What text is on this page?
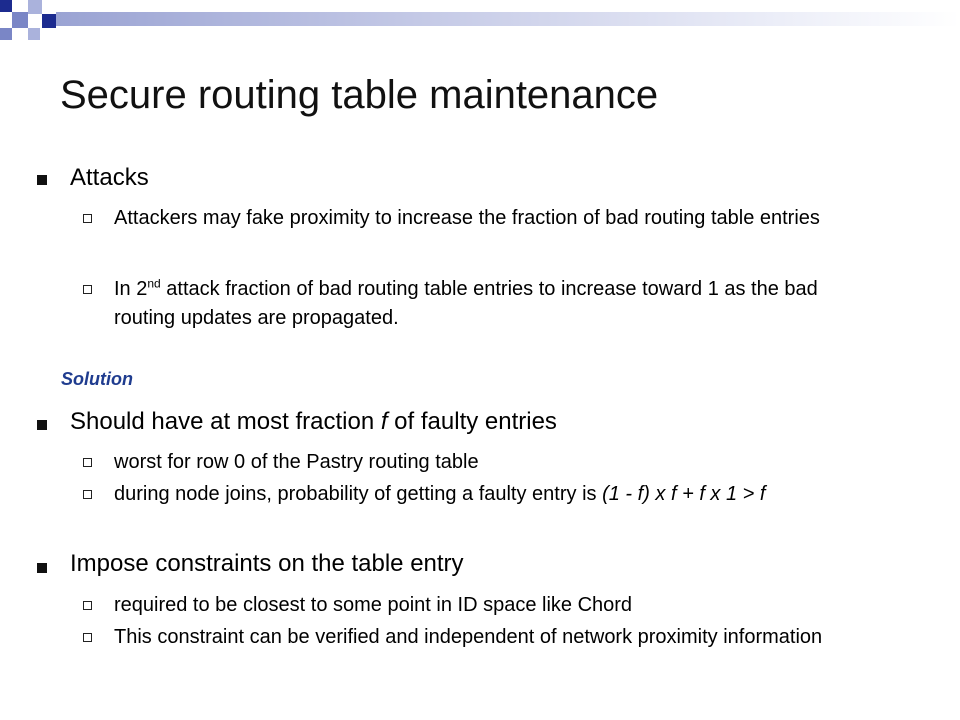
Secure routing table maintenance
Attacks
Attackers may fake proximity to increase the fraction of bad routing table entries
In 2nd attack fraction of bad routing table entries to increase toward 1 as the bad routing updates are propagated.
Solution
Should have at most fraction f of faulty entries
worst for row 0 of the Pastry routing table
during node joins, probability of getting a faulty entry is (1 - f) x f + f x 1 > f
Impose constraints on the table entry
required to be closest to some point in ID space like Chord
This constraint can be verified and independent of network proximity information
